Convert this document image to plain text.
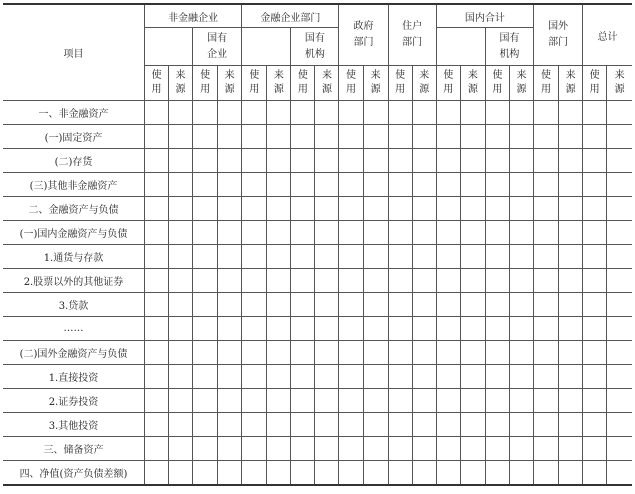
项目	非金融企业				金融企业部门				政府部门		住户部门		国内合计				国外部门		总计	
			国有企业				国有机构								国有机构					
	使用	来源	使用	来源	使用	来源	使用	来源	使用	来源	使用	来源	使用	来源	使用	来源	使用	来源	使用	来源
一、非金融资产																				
(一)固定资产																				
(二)存货																				
(三)其他非金融资产																				
二、金融资产与负债																				
(一)国内金融资产与负债																				
1.通货与存款																				
2.股票以外的其他证券																				
3.贷款																				
……																				
(二)国外金融资产与负债																				
1.直接投资																				
2.证券投资																				
3.其他投资																				
三、储备资产																				
四、净值(资产负债差额)																				
